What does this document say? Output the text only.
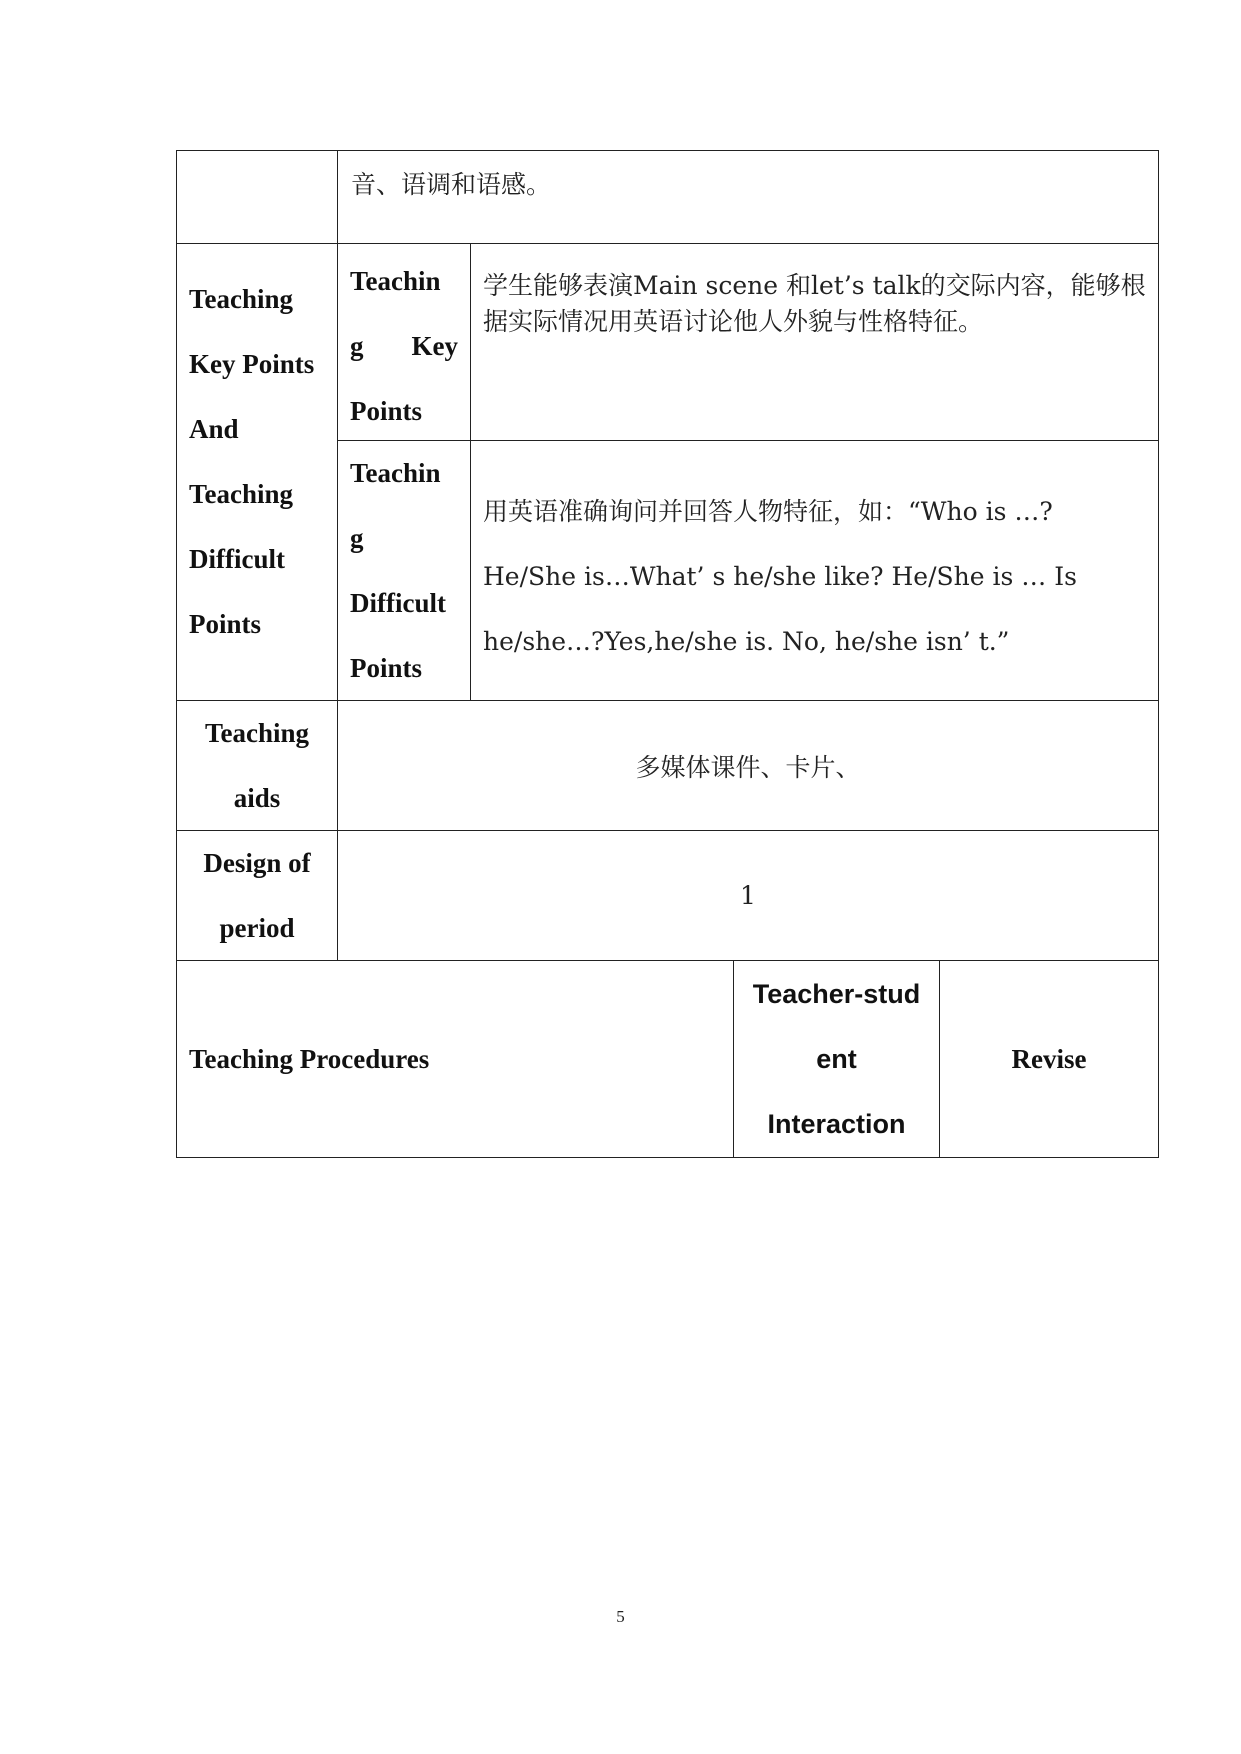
音、语调和语感。
Teaching
Key Points
And
Teaching
Difficult
Points
Teachin
g Key
Points
学生能够表演Main scene 和let’s talk的交际内容，能够根据实际情况用英语讨论他人外貌与性格特征。
Teachin
g
Difficult
Points
用英语准确询问并回答人物特征，如：“Who is …?
He/She is…What’ s he/she like? He/She is … Is
he/she…?Yes,he/she is. No, he/she isn’ t.”
Teaching
aids
多媒体课件、卡片、
Design of
period
1
Teaching Procedures
Teacher-stud
ent
Interaction
Revise
5
